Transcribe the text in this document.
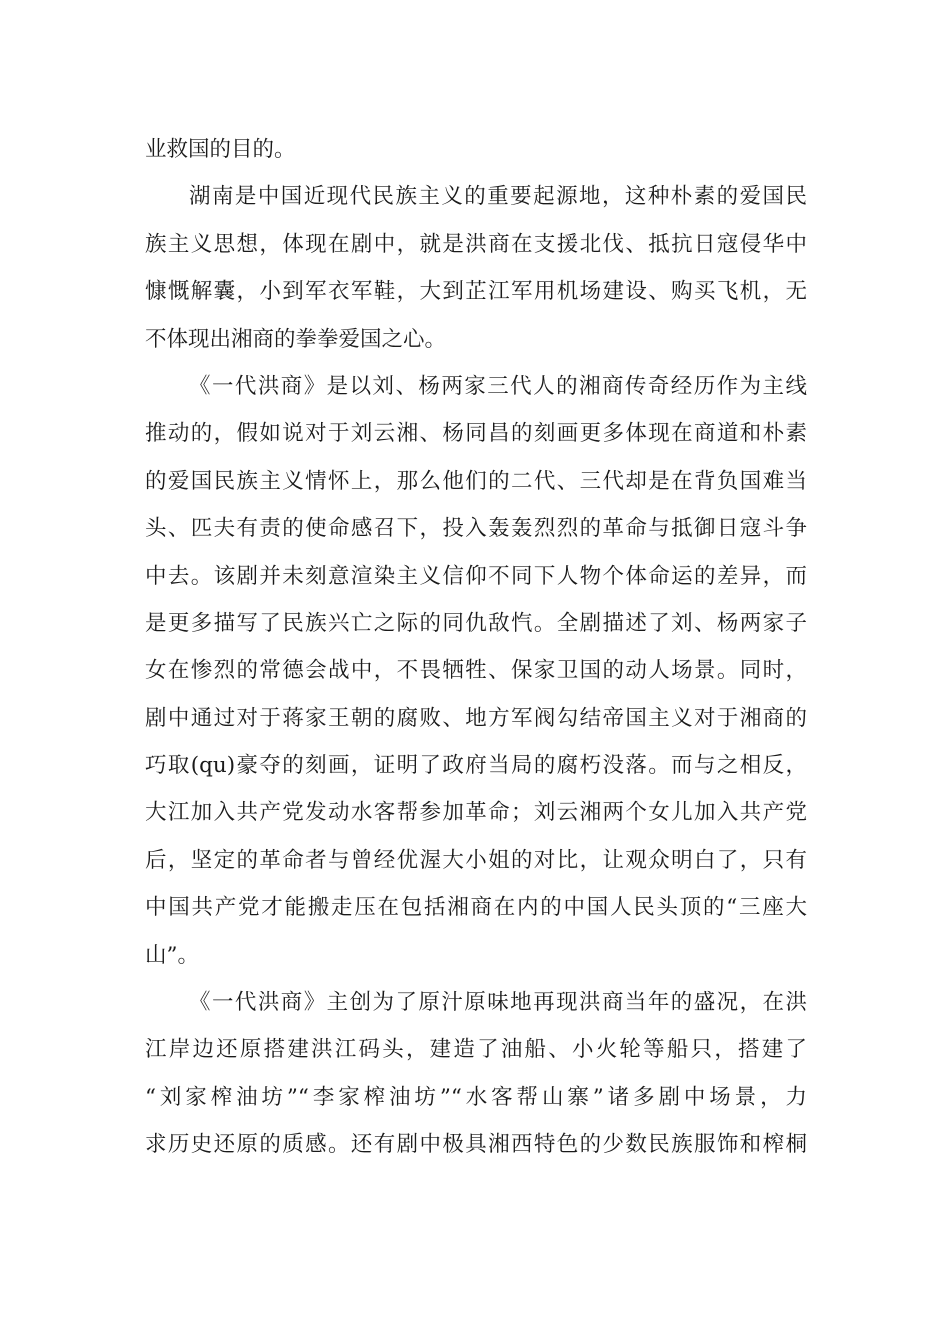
业救国的目的。
湖南是中国近现代民族主义的重要起源地，这种朴素的爱国民
族主义思想，体现在剧中，就是洪商在支援北伐、抵抗日寇侵华中
慷慨解囊，小到军衣军鞋，大到芷江军用机场建设、购买飞机，无
不体现出湘商的拳拳爱国之心。
《一代洪商》是以刘、杨两家三代人的湘商传奇经历作为主线
推动的，假如说对于刘云湘、杨同昌的刻画更多体现在商道和朴素
的爱国民族主义情怀上，那么他们的二代、三代却是在背负国难当
头、匹夫有责的使命感召下，投入轰轰烈烈的革命与抵御日寇斗争
中去。该剧并未刻意渲染主义信仰不同下人物个体命运的差异，而
是更多描写了民族兴亡之际的同仇敌忾。全剧描述了刘、杨两家子
女在惨烈的常德会战中，不畏牺牲、保家卫国的动人场景。同时，
剧中通过对于蒋家王朝的腐败、地方军阀勾结帝国主义对于湘商的
巧取(qu)豪夺的刻画，证明了政府当局的腐朽没落。而与之相反，
大江加入共产党发动水客帮参加革命；刘云湘两个女儿加入共产党
后，坚定的革命者与曾经优渥大小姐的对比，让观众明白了，只有
中国共产党才能搬走压在包括湘商在内的中国人民头顶的“三座大
山”。
《一代洪商》主创为了原汁原味地再现洪商当年的盛况，在洪
江岸边还原搭建洪江码头，建造了油船、小火轮等船只，搭建了
“刘家榨油坊”“李家榨油坊”“水客帮山寨”诸多剧中场景，力
求历史还原的质感。还有剧中极具湘西特色的少数民族服饰和榨桐
